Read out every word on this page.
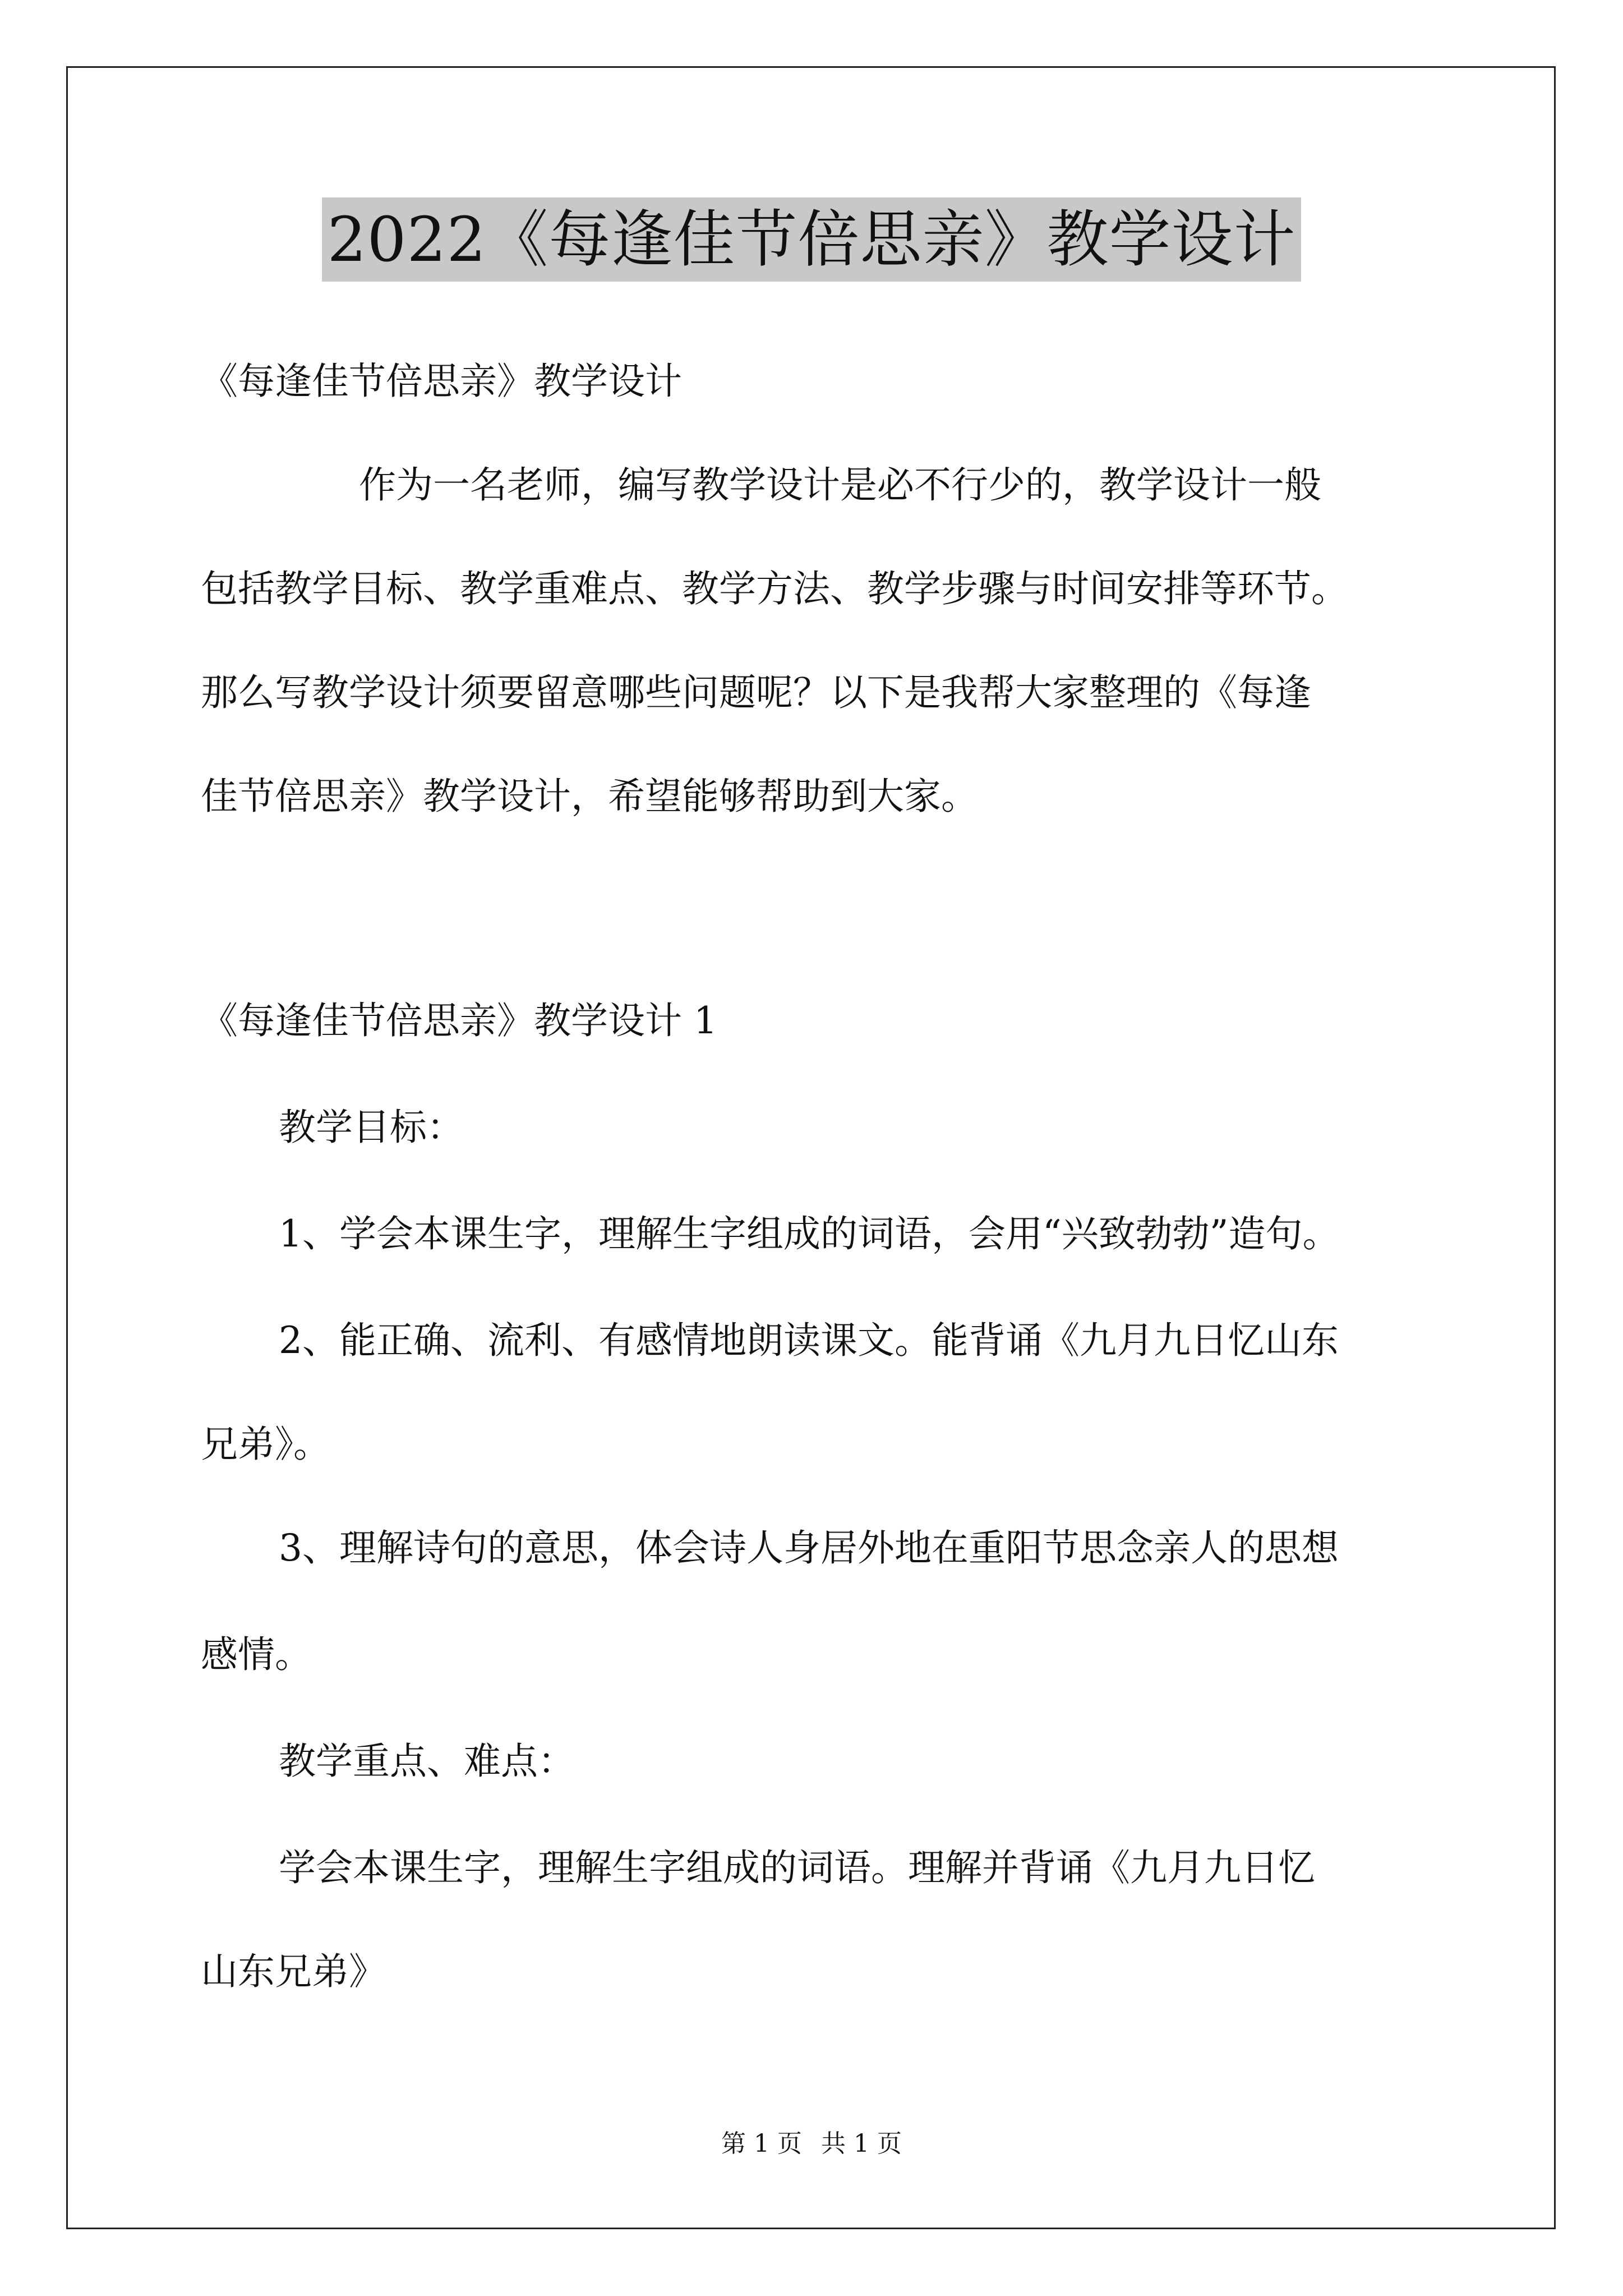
2022《每逢佳节倍思亲》教学设计
《每逢佳节倍思亲》教学设计
作为一名老师，编写教学设计是必不行少的，教学设计一般
包括教学目标、教学重难点、教学方法、教学步骤与时间安排等环节。
那么写教学设计须要留意哪些问题呢？以下是我帮大家整理的《每逢
佳节倍思亲》教学设计，希望能够帮助到大家。
《每逢佳节倍思亲》教学设计 1
教学目标：
1、学会本课生字，理解生字组成的词语，会用“兴致勃勃”造句。
2、能正确、流利、有感情地朗读课文。能背诵《九月九日忆山东
兄弟》。
3、理解诗句的意思，体会诗人身居外地在重阳节思念亲人的思想
感情。
教学重点、难点：
学会本课生字，理解生字组成的词语。理解并背诵《九月九日忆
山东兄弟》
第 1 页 共 1 页
